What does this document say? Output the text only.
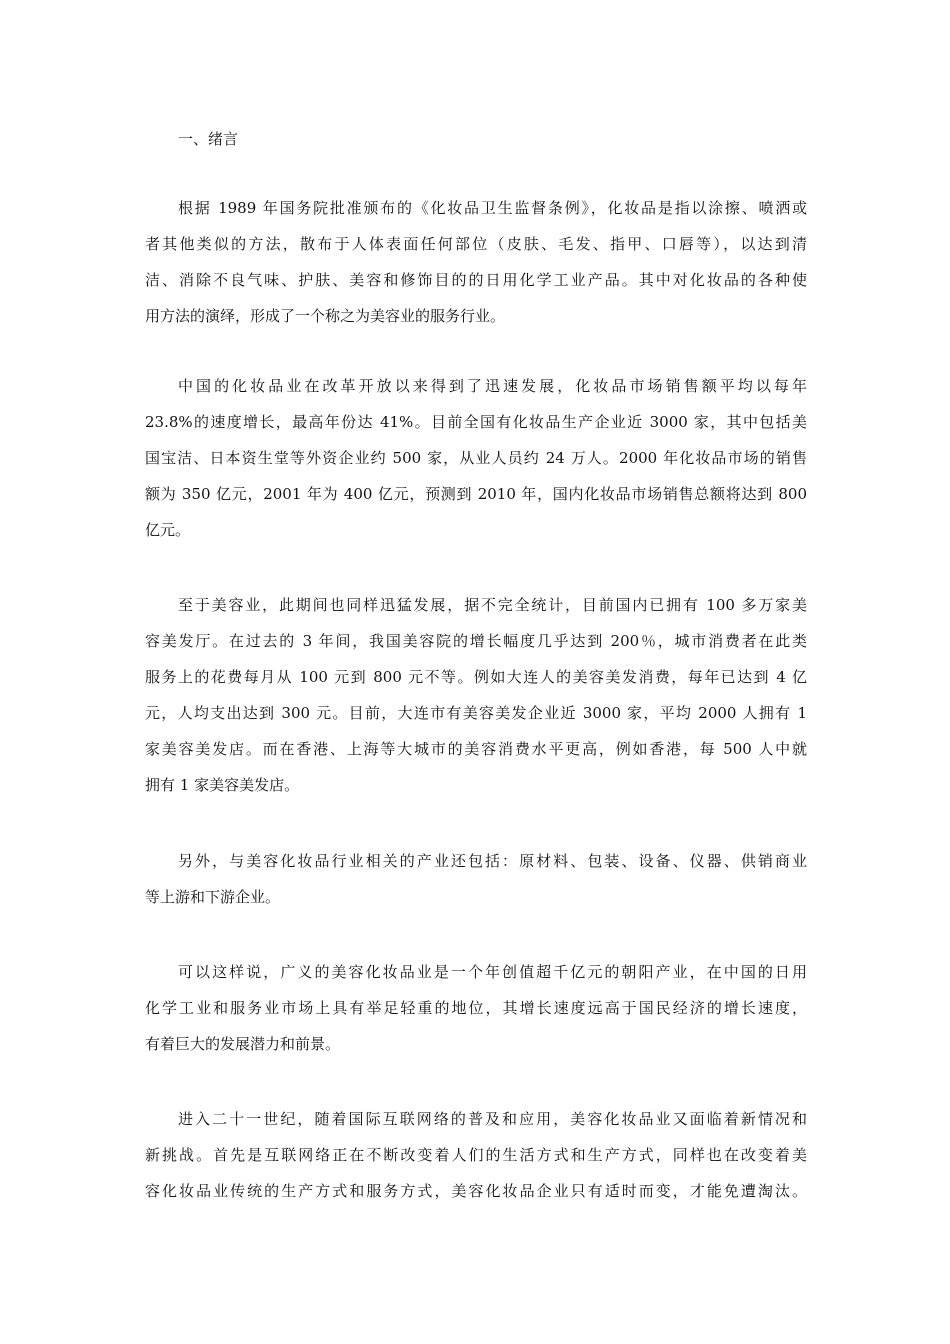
一、绪言
根据 1989 年国务院批准颁布的《化妆品卫生监督条例》，化妆品是指以涂擦、喷洒或
者其他类似的方法，散布于人体表面任何部位（皮肤、毛发、指甲、口唇等），以达到清
洁、消除不良气味、护肤、美容和修饰目的的日用化学工业产品。其中对化妆品的各种使
用方法的演绎，形成了一个称之为美容业的服务行业。
中国的化妆品业在改革开放以来得到了迅速发展，化妆品市场销售额平均以每年
23.8%的速度增长，最高年份达 41%。目前全国有化妆品生产企业近 3000 家，其中包括美
国宝洁、日本资生堂等外资企业约 500 家，从业人员约 24 万人。2000 年化妆品市场的销售
额为 350 亿元，2001 年为 400 亿元，预测到 2010 年，国内化妆品市场销售总额将达到 800
亿元。
至于美容业，此期间也同样迅猛发展，据不完全统计，目前国内已拥有 100 多万家美
容美发厅。在过去的 3 年间，我国美容院的增长幅度几乎达到 200％，城市消费者在此类
服务上的花费每月从 100 元到 800 元不等。例如大连人的美容美发消费，每年已达到 4 亿
元，人均支出达到 300 元。目前，大连市有美容美发企业近 3000 家，平均 2000 人拥有 1
家美容美发店。而在香港、上海等大城市的美容消费水平更高，例如香港，每 500 人中就
拥有 1 家美容美发店。
另外，与美容化妆品行业相关的产业还包括：原材料、包装、设备、仪器、供销商业
等上游和下游企业。
可以这样说，广义的美容化妆品业是一个年创值超千亿元的朝阳产业，在中国的日用
化学工业和服务业市场上具有举足轻重的地位，其增长速度远高于国民经济的增长速度，
有着巨大的发展潜力和前景。
进入二十一世纪，随着国际互联网络的普及和应用，美容化妆品业又面临着新情况和
新挑战。首先是互联网络正在不断改变着人们的生活方式和生产方式，同样也在改变着美
容化妆品业传统的生产方式和服务方式，美容化妆品企业只有适时而变，才能免遭淘汰。
